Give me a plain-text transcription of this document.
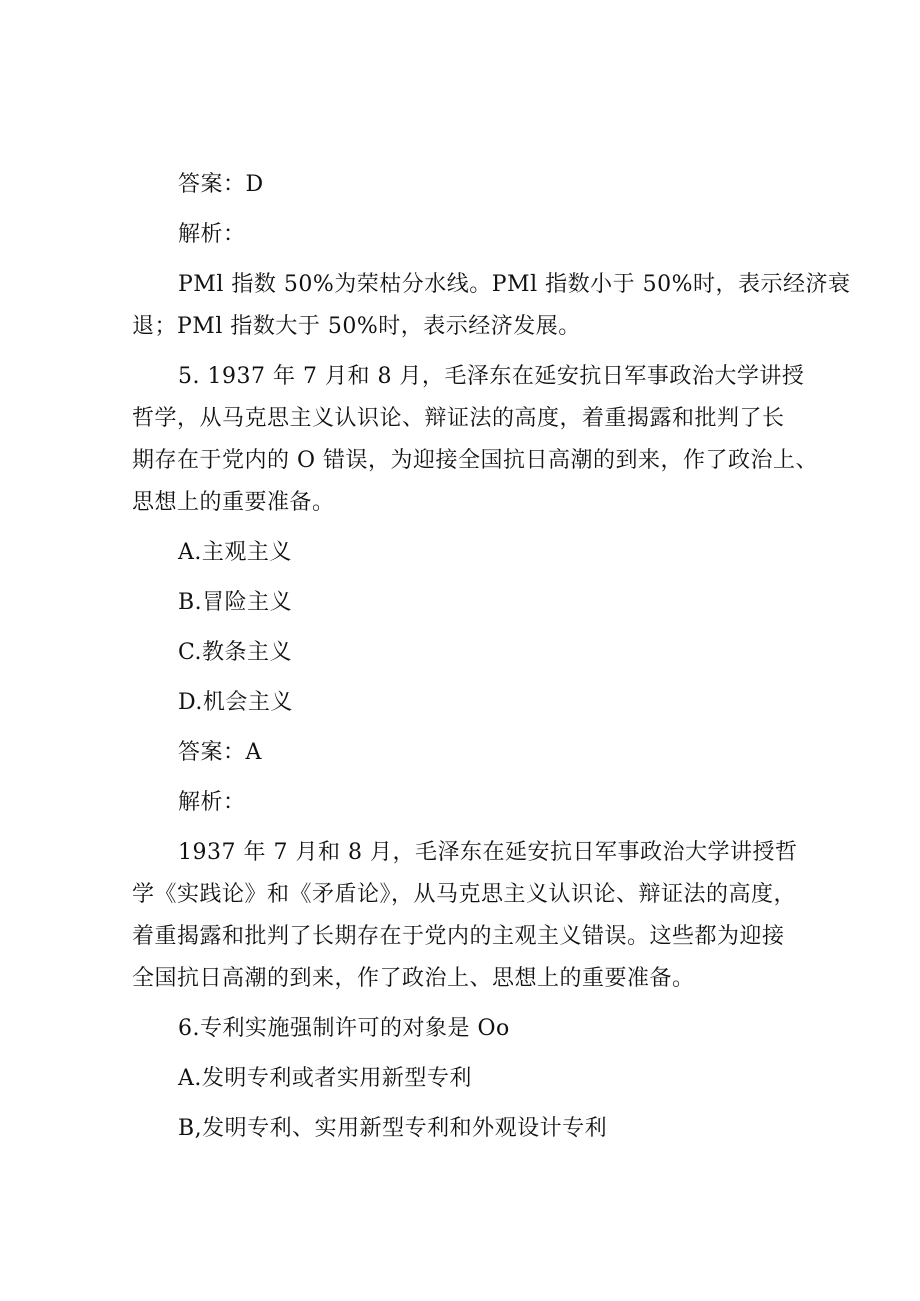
答案：D
解析：
PMl 指数 50%为荣枯分水线。PMl 指数小于 50%时，表示经济衰
退；PMl 指数大于 50%时，表示经济发展。
5. 1937 年 7 月和 8 月，毛泽东在延安抗日军事政治大学讲授
哲学，从马克思主义认识论、辩证法的高度，着重揭露和批判了长
期存在于党内的 O 错误，为迎接全国抗日高潮的到来，作了政治上、
思想上的重要准备。
A.主观主义
B.冒险主义
C.教条主义
D.机会主义
答案：A
解析：
1937 年 7 月和 8 月，毛泽东在延安抗日军事政治大学讲授哲
学《实践论》和《矛盾论》，从马克思主义认识论、辩证法的高度，
着重揭露和批判了长期存在于党内的主观主义错误。这些都为迎接
全国抗日高潮的到来，作了政治上、思想上的重要准备。
6.专利实施强制许可的对象是 Oo
A.发明专利或者实用新型专利
B,发明专利、实用新型专利和外观设计专利
